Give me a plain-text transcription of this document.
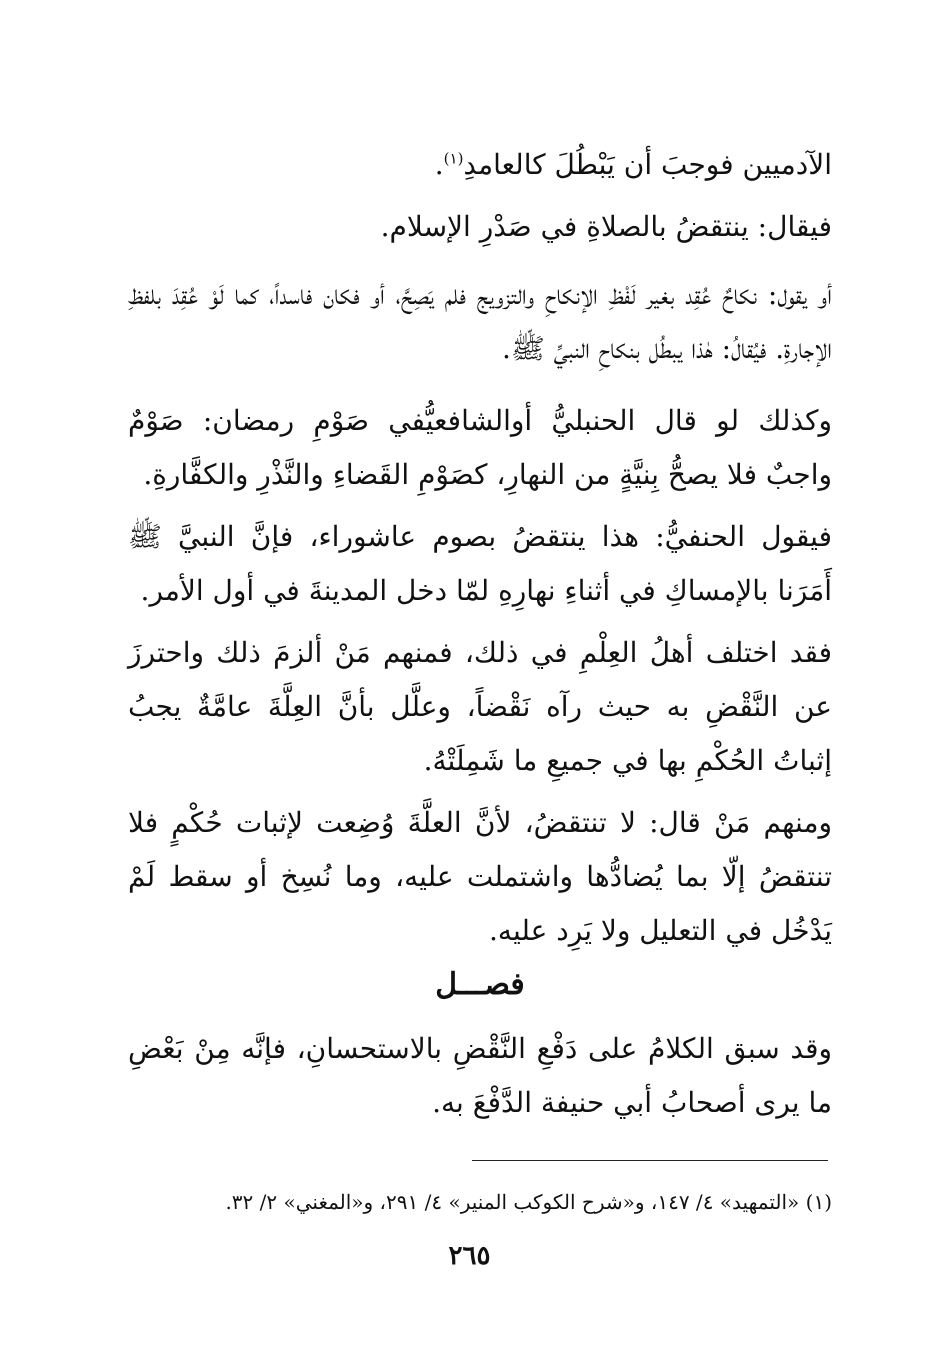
الآدميين فوجبَ أن يَبْطُلَ كالعامدِ$^{(١)}$.

فيقال: ينتقضُ بالصلاةِ في صَدْرِ الإسلام.

أو يقول: نكاحٌ عُقِد بغير لَفْظِ الإنكاحِ والتزويج فلم يَصِحَّ، أو فكان فاسداً، كما لَوْ عُقِدَ بلفظِ الإجارةِ. فيُقالُ: هٰذا يبطُل بنكاحِ النبيِّ ﷺ.

وكذلك لو قال الحنبليُّ أوالشافعيُّفي صَوْمِ رمضان: صَوْمٌ واجبٌ فلا يصحُّ بِنيَّةٍ من النهارِ، كصَوْمِ القَضاءِ والنَّذْرِ والكفَّارةِ.

فيقول الحنفيُّ: هذا ينتقضُ بصوم عاشوراء، فإنَّ النبيَّ ﷺ أَمَرَنا بالإمساكِ في أثناءِ نهارِهِ لمّا دخل المدينةَ في أول الأمر.

فقد اختلف أهلُ العِلْمِ في ذلك، فمنهم مَنْ ألزمَ ذلك واحترزَ عن النَّقْضِ به حيث رآه نَقْضاً، وعلَّل بأنَّ العِلَّةَ عامَّةٌ يجبُ إثباتُ الحُكْمِ بها في جميعِ ما شَمِلَتْهُ.

ومنهم مَنْ قال: لا تنتقضُ، لأنَّ العلَّةَ وُضِعت لإثبات حُكْمٍ فلا تنتقضُ إلّا بما يُضادُّها واشتملت عليه، وما نُسِخ أو سقط لَمْ يَدْخُل في التعليل ولا يَرِد عليه.

فصـــل

وقد سبق الكلامُ على دَفْعِ النَّقْضِ بالاستحسانِ، فإنَّه مِنْ بَعْضِ ما يرى أصحابُ أبي حنيفة الدَّفْعَ به.

(١) «التمهيد» ٤/ ١٤٧، و«شرح الكوكب المنير» ٤/ ٢٩١، و«المغني» ٢/ ٣٢.
٢٦٥
